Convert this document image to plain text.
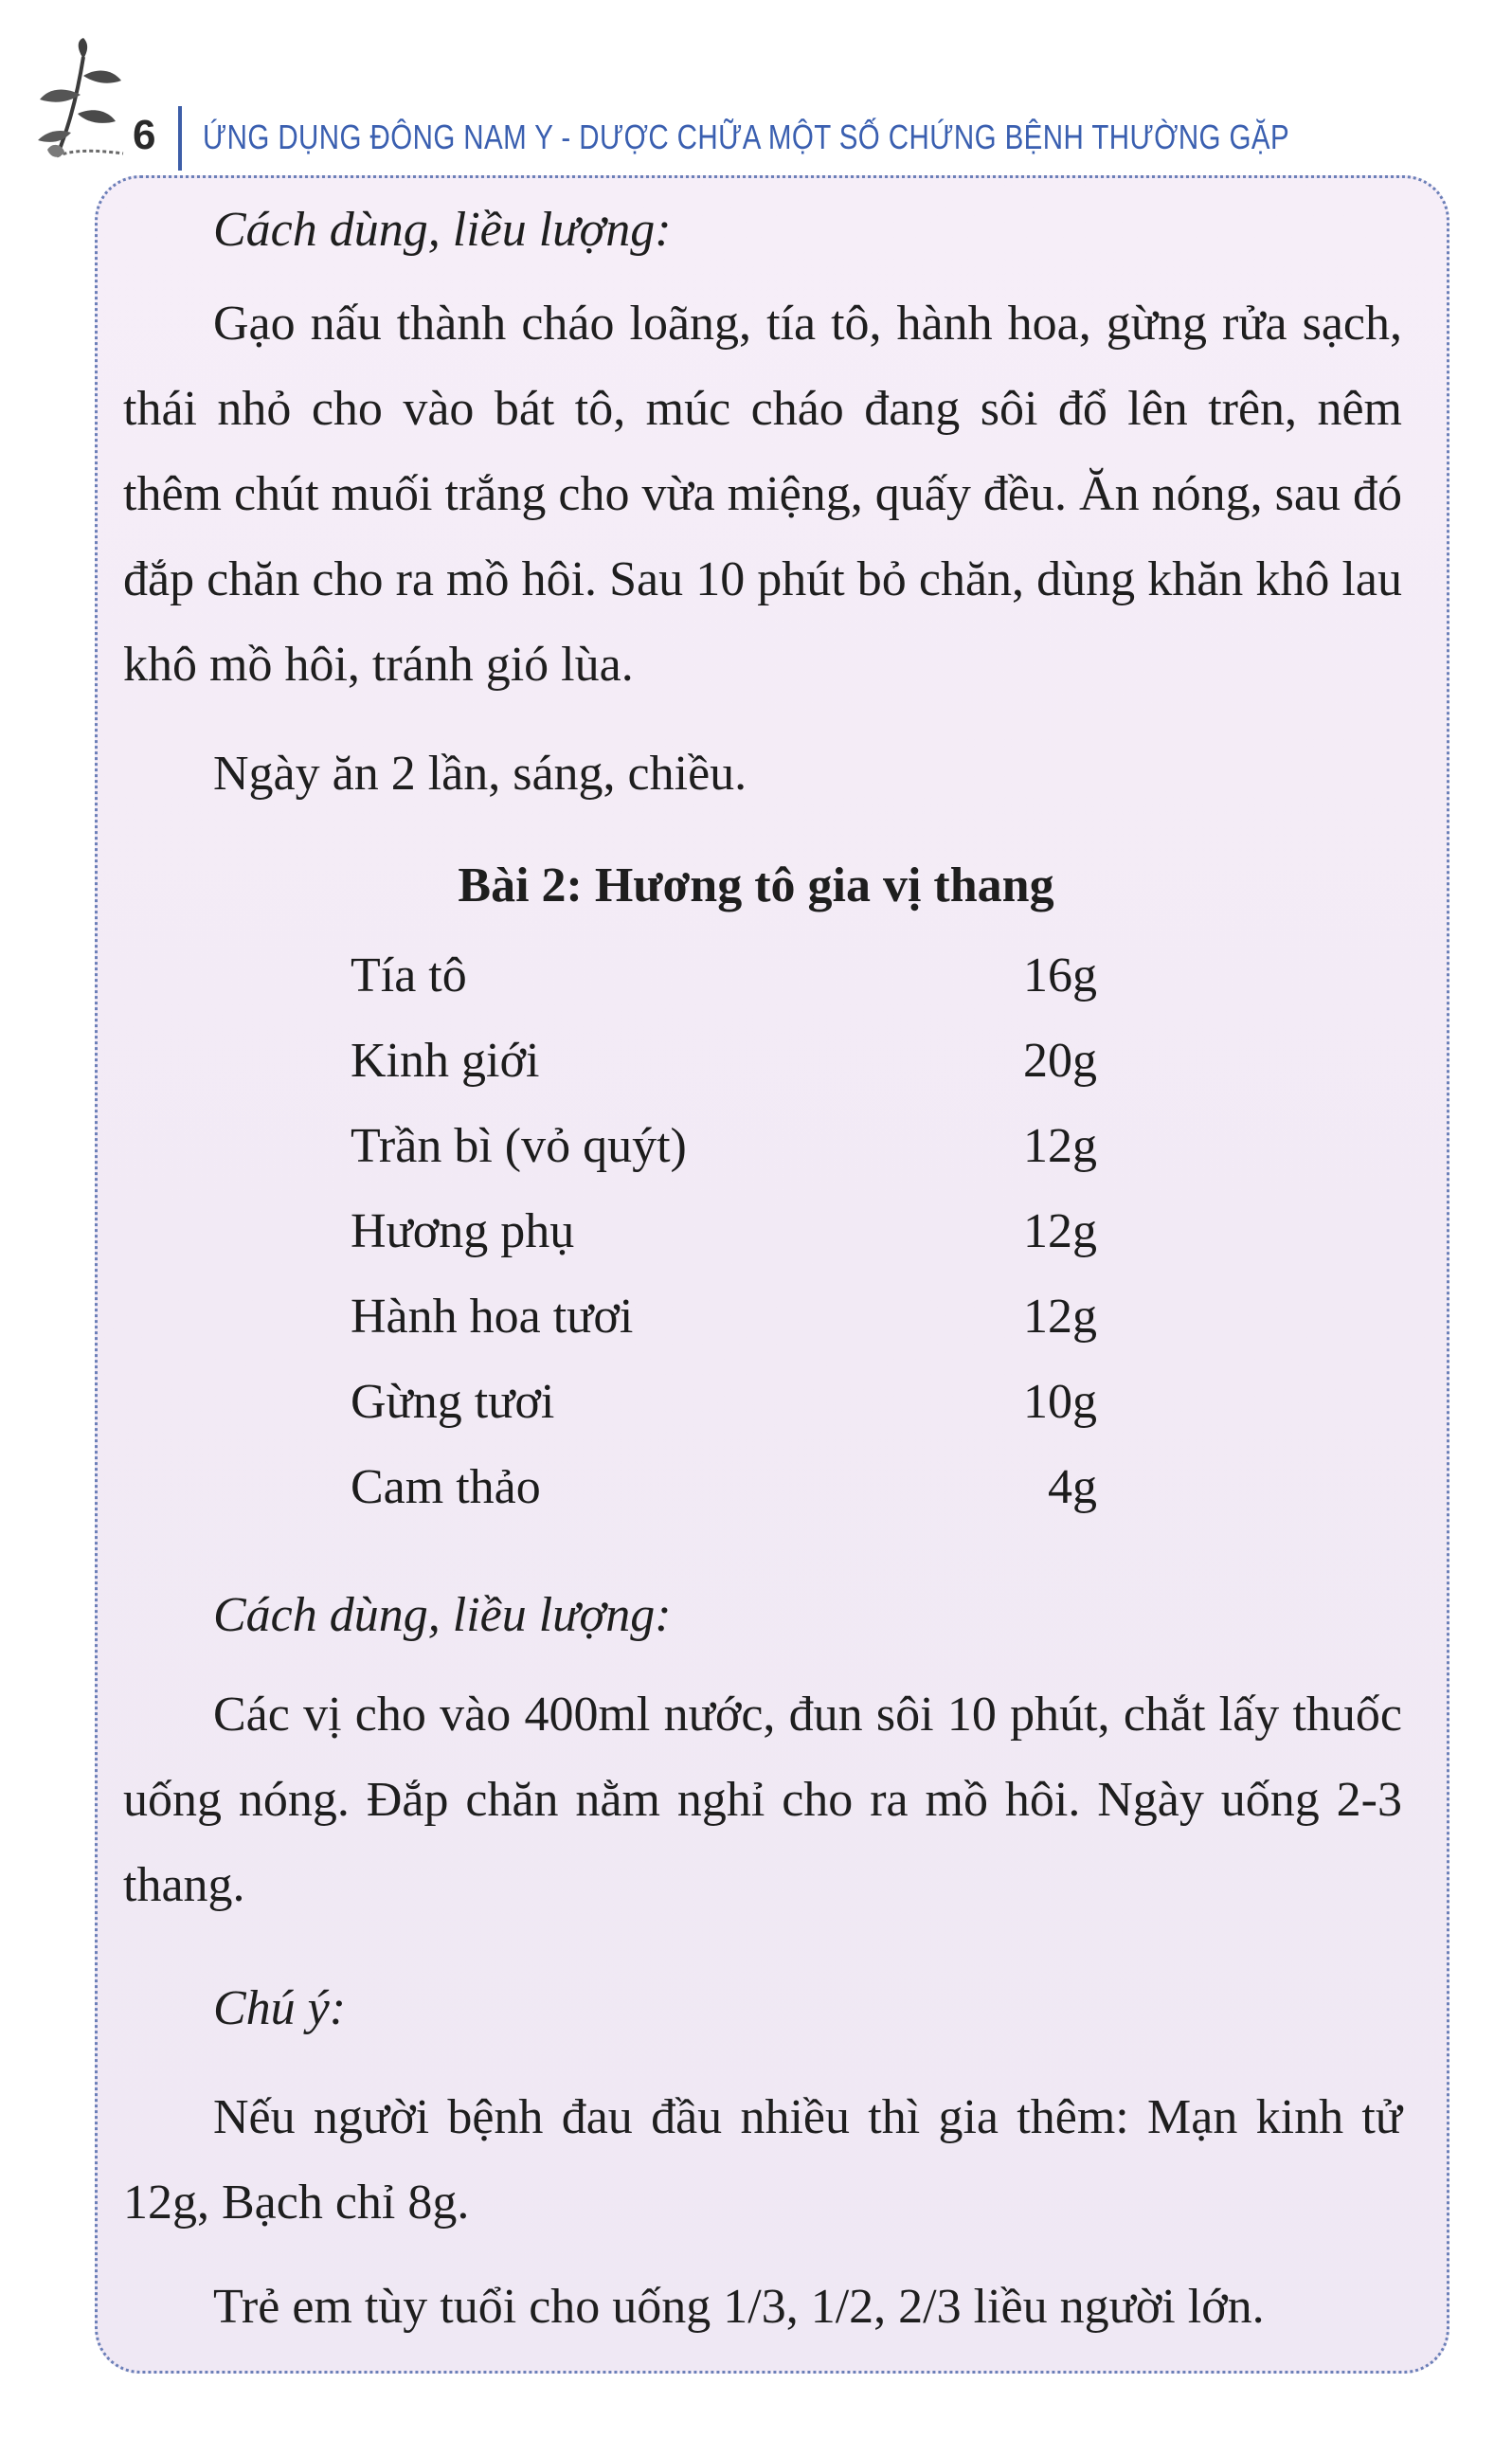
6 ỨNG DỤNG ĐÔNG NAM Y - DƯỢC CHỮA MỘT SỐ CHỨNG BỆNH THƯỜNG GẶP
Cách dùng, liều lượng:
Gạo nấu thành cháo loãng, tía tô, hành hoa, gừng rửa sạch, thái nhỏ cho vào bát tô, múc cháo đang sôi đổ lên trên, nêm thêm chút muối trắng cho vừa miệng, quấy đều. Ăn nóng, sau đó đắp chăn cho ra mồ hôi. Sau 10 phút bỏ chăn, dùng khăn khô lau khô mồ hôi, tránh gió lùa.
Ngày ăn 2 lần, sáng, chiều.
Bài 2: Hương tô gia vị thang
Tía tô	16g
Kinh giới	20g
Trần bì (vỏ quýt)	12g
Hương phụ	12g
Hành hoa tươi	12g
Gừng tươi	10g
Cam thảo	4g
Cách dùng, liều lượng:
Các vị cho vào 400ml nước, đun sôi 10 phút, chắt lấy thuốc uống nóng. Đắp chăn nằm nghỉ cho ra mồ hôi. Ngày uống 2-3 thang.
Chú ý:
Nếu người bệnh đau đầu nhiều thì gia thêm: Mạn kinh tử 12g, Bạch chỉ 8g.
Trẻ em tùy tuổi cho uống 1/3, 1/2, 2/3 liều người lớn.
